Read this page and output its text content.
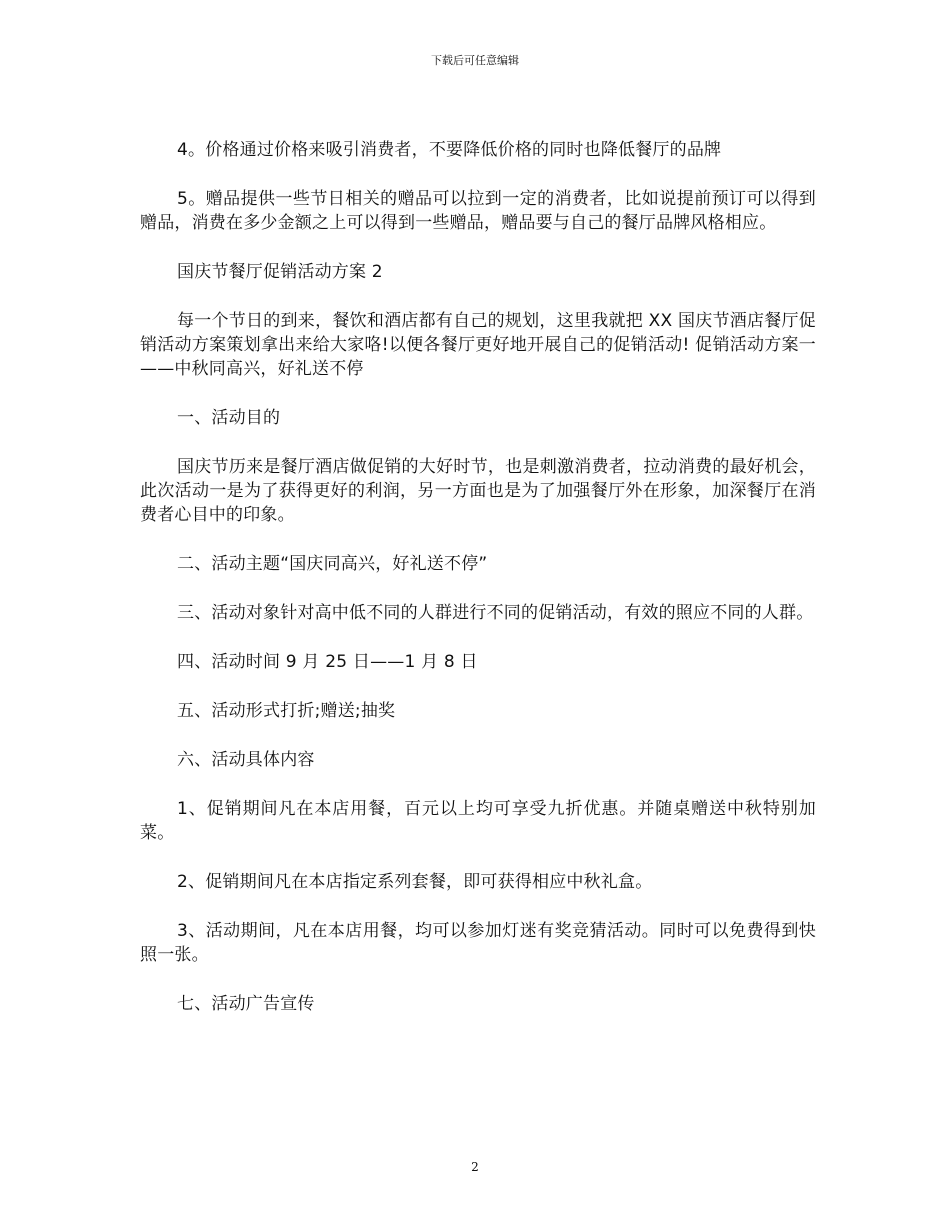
下载后可任意编辑

4。价格通过价格来吸引消费者，不要降低价格的同时也降低餐厅的品牌

5。赠品提供一些节日相关的赠品可以拉到一定的消费者，比如说提前预订可以得到赠品，消费在多少金额之上可以得到一些赠品，赠品要与自己的餐厅品牌风格相应。

国庆节餐厅促销活动方案 2

每一个节日的到来，餐饮和酒店都有自己的规划，这里我就把 XX 国庆节酒店餐厅促销活动方案策划拿出来给大家咯!以便各餐厅更好地开展自己的促销活动! 促销活动方案一——中秋同高兴，好礼送不停

一、活动目的

国庆节历来是餐厅酒店做促销的大好时节，也是刺激消费者，拉动消费的最好机会，此次活动一是为了获得更好的利润，另一方面也是为了加强餐厅外在形象，加深餐厅在消费者心目中的印象。

二、活动主题“国庆同高兴，好礼送不停”

三、活动对象针对高中低不同的人群进行不同的促销活动，有效的照应不同的人群。

四、活动时间 9 月 25 日——1 月 8 日

五、活动形式打折;赠送;抽奖

六、活动具体内容

1、促销期间凡在本店用餐，百元以上均可享受九折优惠。并随桌赠送中秋特别加菜。

2、促销期间凡在本店指定系列套餐，即可获得相应中秋礼盒。

3、活动期间，凡在本店用餐，均可以参加灯迷有奖竞猜活动。同时可以免费得到快照一张。

七、活动广告宣传

2
